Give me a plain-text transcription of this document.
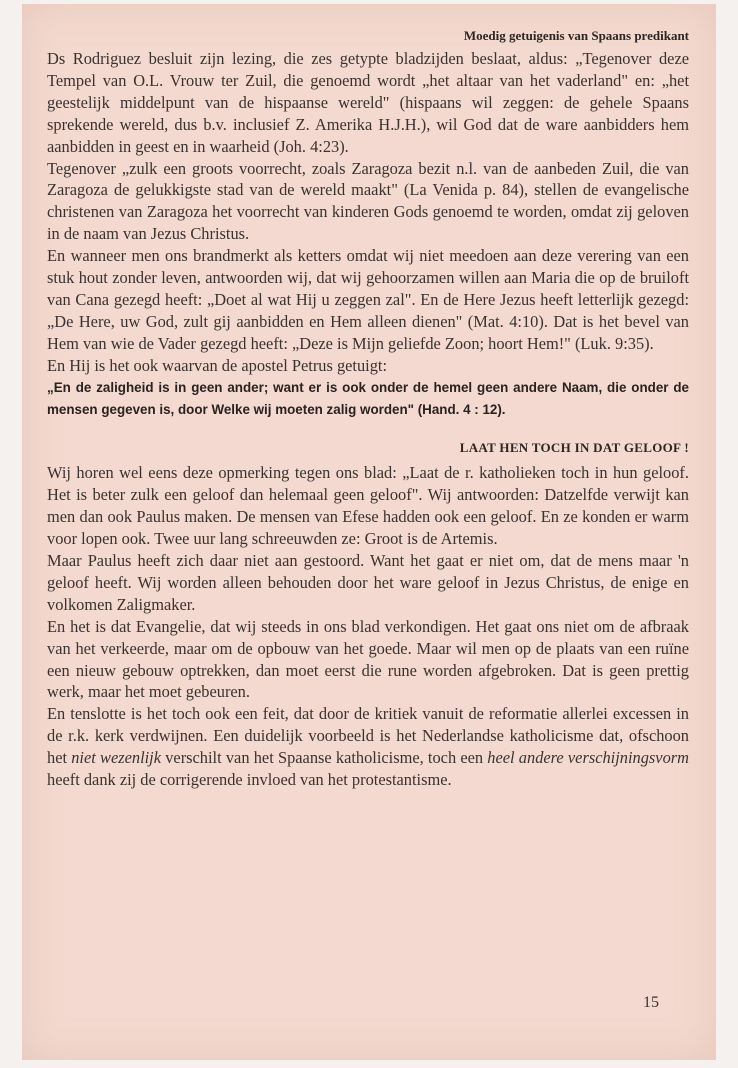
Moedig getuigenis van Spaans predikant

Ds Rodriguez besluit zijn lezing, die zes getypte bladzijden beslaat, aldus: „Tegenover deze Tempel van O.L. Vrouw ter Zuil, die genoemd wordt „het altaar van het vaderland" en: „het geestelijk middelpunt van de hispaanse wereld" (hispaans wil zeggen: de gehele Spaans sprekende wereld, dus b.v. inclusief Z. Amerika H.J.H.), wil God dat de ware aanbidders hem aanbidden in geest en in waarheid (Joh. 4:23).

Tegenover „zulk een groots voorrecht, zoals Zaragoza bezit n.l. van de aanbeden Zuil, die van Zaragoza de gelukkigste stad van de wereld maakt" (La Venida p. 84), stellen de evangelische christenen van Zaragoza het voorrecht van kinderen Gods genoemd te worden, omdat zij geloven in de naam van Jezus Christus.

En wanneer men ons brandmerkt als ketters omdat wij niet meedoen aan deze verering van een stuk hout zonder leven, antwoorden wij, dat wij gehoorzamen willen aan Maria die op de bruiloft van Cana gezegd heeft: „Doet al wat Hij u zeggen zal". En de Here Jezus heeft letterlijk gezegd: „De Here, uw God, zult gij aanbidden en Hem alleen dienen" (Mat. 4:10). Dat is het bevel van Hem van wie de Vader gezegd heeft: „Deze is Mijn geliefde Zoon; hoort Hem!" (Luk. 9:35).

En Hij is het ook waarvan de apostel Petrus getuigt:

„En de zaligheid is in geen ander; want er is ook onder de hemel geen andere Naam, die onder de mensen gegeven is, door Welke wij moeten zalig worden" (Hand. 4 : 12).

LAAT HEN TOCH IN DAT GELOOF !

Wij horen wel eens deze opmerking tegen ons blad: „Laat de r. katholieken toch in hun geloof. Het is beter zulk een geloof dan helemaal geen geloof". Wij antwoorden: Datzelfde verwijt kan men dan ook Paulus maken. De mensen van Efese hadden ook een geloof. En ze konden er warm voor lopen ook. Twee uur lang schreeuwden ze: Groot is de Artemis.

Maar Paulus heeft zich daar niet aan gestoord. Want het gaat er niet om, dat de mens maar 'n geloof heeft. Wij worden alleen behouden door het ware geloof in Jezus Christus, de enige en volkomen Zaligmaker.

En het is dat Evangelie, dat wij steeds in ons blad verkondigen. Het gaat ons niet om de afbraak van het verkeerde, maar om de opbouw van het goede. Maar wil men op de plaats van een ruïne een nieuw gebouw optrekken, dan moet eerst die rune worden afgebroken. Dat is geen prettig werk, maar het moet gebeuren.

En tenslotte is het toch ook een feit, dat door de kritiek vanuit de reformatie allerlei excessen in de r.k. kerk verdwijnen. Een duidelijk voorbeeld is het Nederlandse katholicisme dat, ofschoon het niet wezenlijk verschilt van het Spaanse katholicisme, toch een heel andere verschijningsvorm heeft dank zij de corrigerende invloed van het protestantisme.

15
